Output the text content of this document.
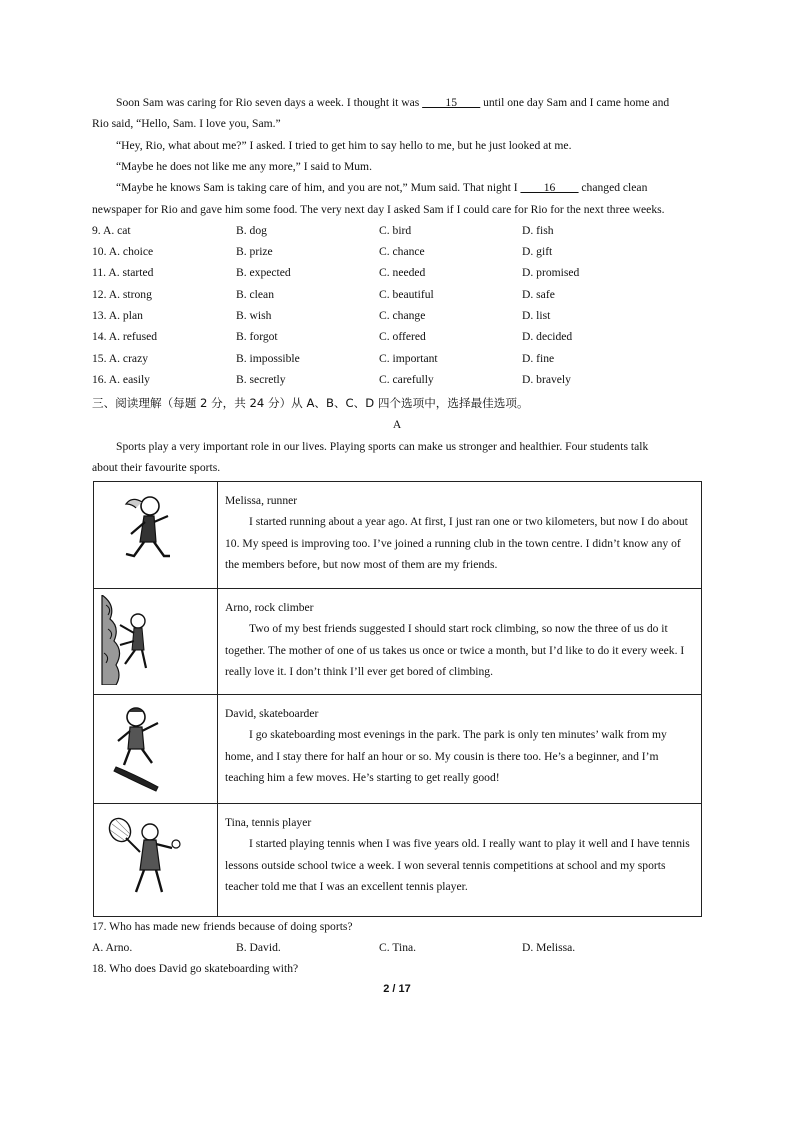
Soon Sam was caring for Rio seven days a week. I thought it was ____15____ until one day Sam and I came home and
Rio said, “Hello, Sam. I love you, Sam.”
“Hey, Rio, what about me?” I asked. I tried to get him to say hello to me, but he just looked at me.
“Maybe he does not like me any more,” I said to Mum.
“Maybe he knows Sam is taking care of him, and you are not,” Mum said. That night I ____16____ changed clean
newspaper for Rio and gave him some food. The very next day I asked Sam if I could care for Rio for the next three weeks.
9. A. cat	B. dog	C. bird	D. fish
10. A. choice	B. prize	C. chance	D. gift
11. A. started	B. expected	C. needed	D. promised
12. A. strong	B. clean	C. beautiful	D. safe
13. A. plan	B. wish	C. change	D. list
14. A. refused	B. forgot	C. offered	D. decided
15. A. crazy	B. impossible	C. important	D. fine
16. A. easily	B. secretly	C. carefully	D. bravely
三、阅读理解（每题 2 分，共 24 分）从 A、B、C、D 四个选项中，选择最佳选项。
A
Sports play a very important role in our lives. Playing sports can make us stronger and healthier. Four students talk
about their favourite sports.

Melissa, runner
I started running about a year ago. At first, I just ran one or two kilometers, but now I do about 10. My speed is improving too. I’ve joined a running club in the town centre. I didn’t know any of the members before, but now most of them are my friends.

Arno, rock climber
Two of my best friends suggested I should start rock climbing, so now the three of us do it together. The mother of one of us takes us once or twice a month, but I’d like to do it every week. I really love it. I don’t think I’ll ever get bored of climbing.

David, skateboarder
I go skateboarding most evenings in the park. The park is only ten minutes’ walk from my home, and I stay there for half an hour or so. My cousin is there too. He’s a beginner, and I’m teaching him a few moves. He’s starting to get really good!

Tina, tennis player
I started playing tennis when I was five years old. I really want to play it well and I have tennis lessons outside school twice a week. I won several tennis competitions at school and my sports teacher told me that I was an excellent tennis player.
17. Who has made new friends because of doing sports?
A. Arno.	B. David.	C. Tina.	D. Melissa.
18. Who does David go skateboarding with?
2 / 17
